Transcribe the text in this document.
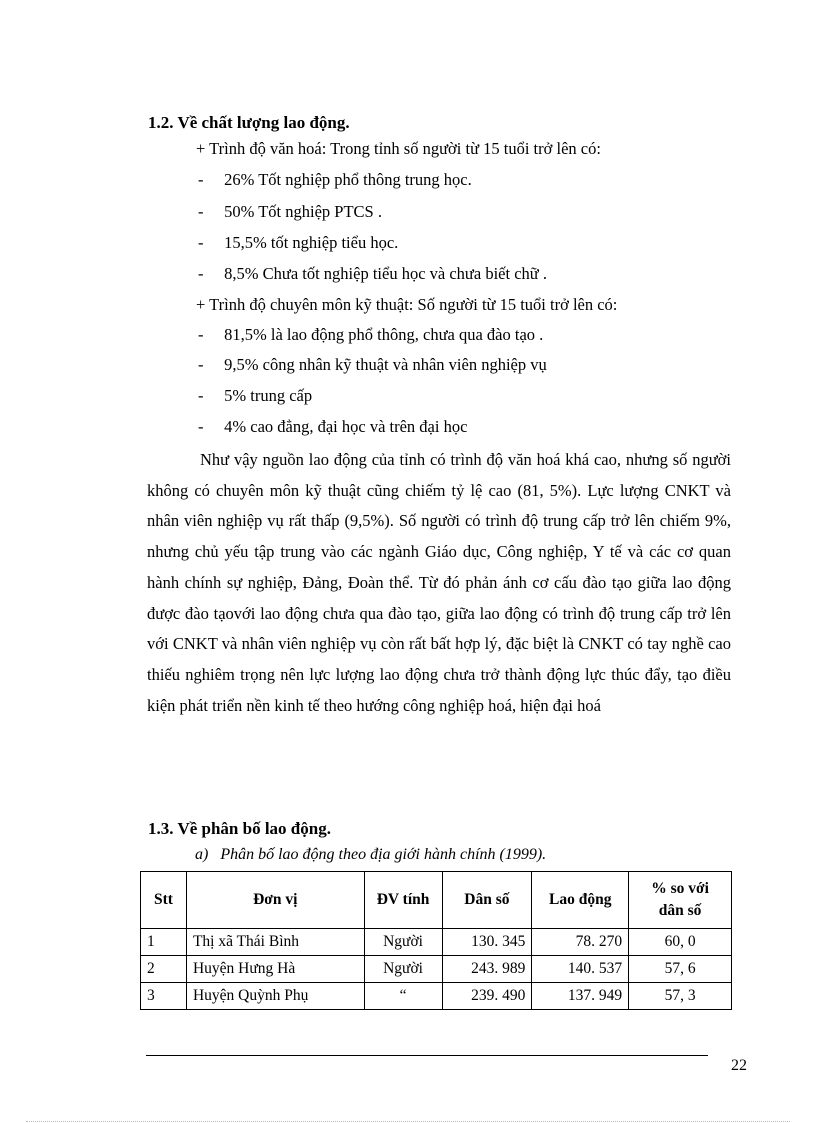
1.2. Về chất lượng lao động.
+ Trình độ văn hoá: Trong tỉnh số người từ 15 tuổi trở lên có:
-     26% Tốt nghiệp phổ thông trung học.
-     50% Tốt nghiệp PTCS .
-     15,5% tốt nghiệp tiểu học.
-     8,5% Chưa tốt nghiệp tiểu học và chưa biết chữ .
+ Trình độ chuyên môn kỹ thuật: Số người từ 15 tuổi trở lên có:
-     81,5% là lao động phổ thông, chưa qua đào tạo .
-     9,5% công nhân kỹ thuật và nhân viên nghiệp vụ
-     5% trung cấp
-     4% cao đẳng, đại học và trên đại học
Như vậy nguồn lao động của tỉnh có trình độ văn hoá khá cao, nhưng số người không có chuyên môn kỹ thuật cũng chiếm tỷ lệ cao (81, 5%). Lực lượng CNKT và nhân viên nghiệp vụ rất thấp (9,5%). Số người có trình độ trung cấp trở lên chiếm 9%, nhưng chủ yếu tập trung vào các ngành Giáo dục, Công nghiệp, Y tế và các cơ quan hành chính sự nghiệp, Đảng, Đoàn thể. Từ đó phản ánh cơ cấu đào tạo giữa lao động được đào tạovới lao động chưa qua đào tạo, giữa lao động có trình độ trung cấp trở lên với CNKT và nhân viên nghiệp vụ còn rất bất hợp lý, đặc biệt là CNKT có tay nghề cao thiếu nghiêm trọng nên lực lượng lao động chưa trở thành động lực thúc đẩy, tạo điều kiện phát triển nền kinh tế theo hướng công nghiệp hoá, hiện đại hoá
1.3. Về phân bố lao động.
a) Phân bố lao động theo địa giới hành chính (1999).
Stt	Đơn vị	ĐV tính	Dân số	Lao động	% so với
dân số
1	Thị xã Thái Bình	Người	130. 345	78. 270	60, 0
2	Huyện Hưng Hà	Người	243. 989	140. 537	57, 6
3	Huyện Quỳnh Phụ	“	239. 490	137. 949	57, 3
22
